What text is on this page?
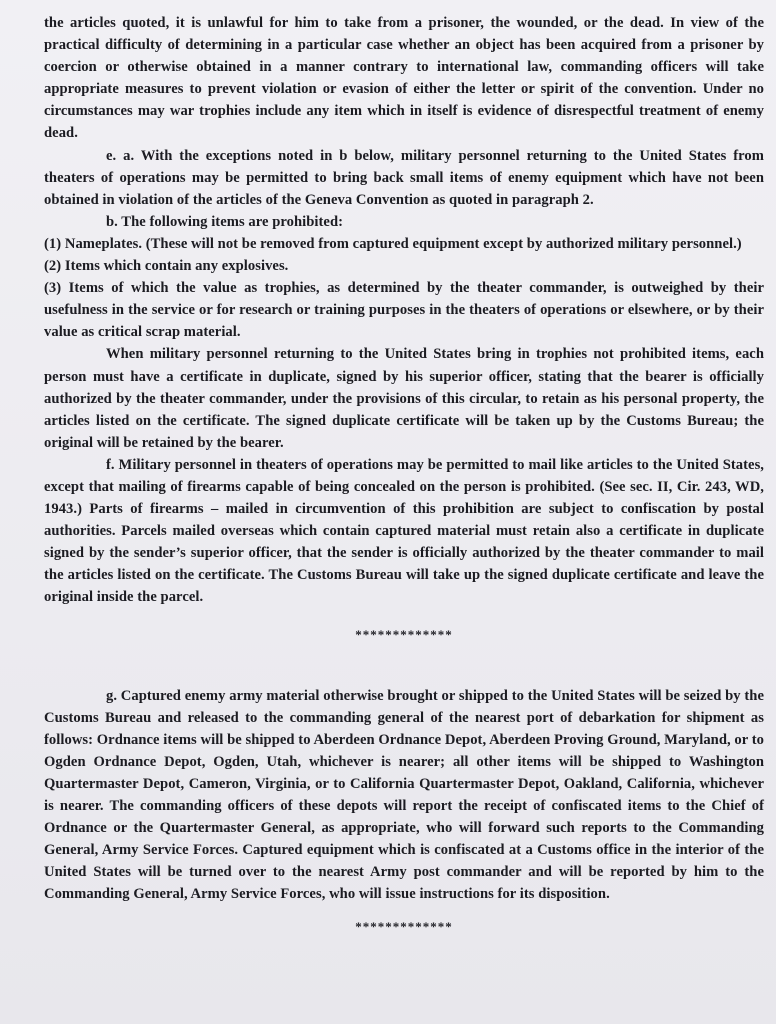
the articles quoted, it is unlawful for him to take from a prisoner, the wounded, or the dead. In view of the practical difficulty of determining in a particular case whether an object has been acquired from a prisoner by coercion or otherwise obtained in a manner contrary to international law, commanding officers will take appropriate measures to prevent violation or evasion of either the letter or spirit of the convention. Under no circumstances may war trophies include any item which in itself is evidence of disrespectful treatment of enemy dead.

e. a. With the exceptions noted in b below, military personnel returning to the United States from theaters of operations may be permitted to bring back small items of enemy equipment which have not been obtained in violation of the articles of the Geneva Convention as quoted in paragraph 2.

b. The following items are prohibited:

(1) Nameplates. (These will not be removed from captured equipment except by authorized military personnel.)

(2) Items which contain any explosives.

(3) Items of which the value as trophies, as determined by the theater commander, is outweighed by their usefulness in the service or for research or training purposes in the theaters of operations or elsewhere, or by their value as critical scrap material.

When military personnel returning to the United States bring in trophies not prohibited items, each person must have a certificate in duplicate, signed by his superior officer, stating that the bearer is officially authorized by the theater commander, under the provisions of this circular, to retain as his personal property, the articles listed on the certificate. The signed duplicate certificate will be taken up by the Customs Bureau; the original will be retained by the bearer.

f. Military personnel in theaters of operations may be permitted to mail like articles to the United States, except that mailing of firearms capable of being concealed on the person is prohibited. (See sec. II, Cir. 243, WD, 1943.) Parts of firearms – mailed in circumvention of this prohibition are subject to confiscation by postal authorities. Parcels mailed overseas which contain captured material must retain also a certificate in duplicate signed by the sender’s superior officer, that the sender is officially authorized by the theater commander to mail the articles listed on the certificate. The Customs Bureau will take up the signed duplicate certificate and leave the original inside the parcel.

*************

g. Captured enemy army material otherwise brought or shipped to the United States will be seized by the Customs Bureau and released to the commanding general of the nearest port of debarkation for shipment as follows: Ordnance items will be shipped to Aberdeen Ordnance Depot, Aberdeen Proving Ground, Maryland, or to Ogden Ordnance Depot, Ogden, Utah, whichever is nearer; all other items will be shipped to Washington Quartermaster Depot, Cameron, Virginia, or to California Quartermaster Depot, Oakland, California, whichever is nearer. The commanding officers of these depots will report the receipt of confiscated items to the Chief of Ordnance or the Quartermaster General, as appropriate, who will forward such reports to the Commanding General, Army Service Forces. Captured equipment which is confiscated at a Customs office in the interior of the United States will be turned over to the nearest Army post commander and will be reported by him to the Commanding General, Army Service Forces, who will issue instructions for its disposition.

*************
